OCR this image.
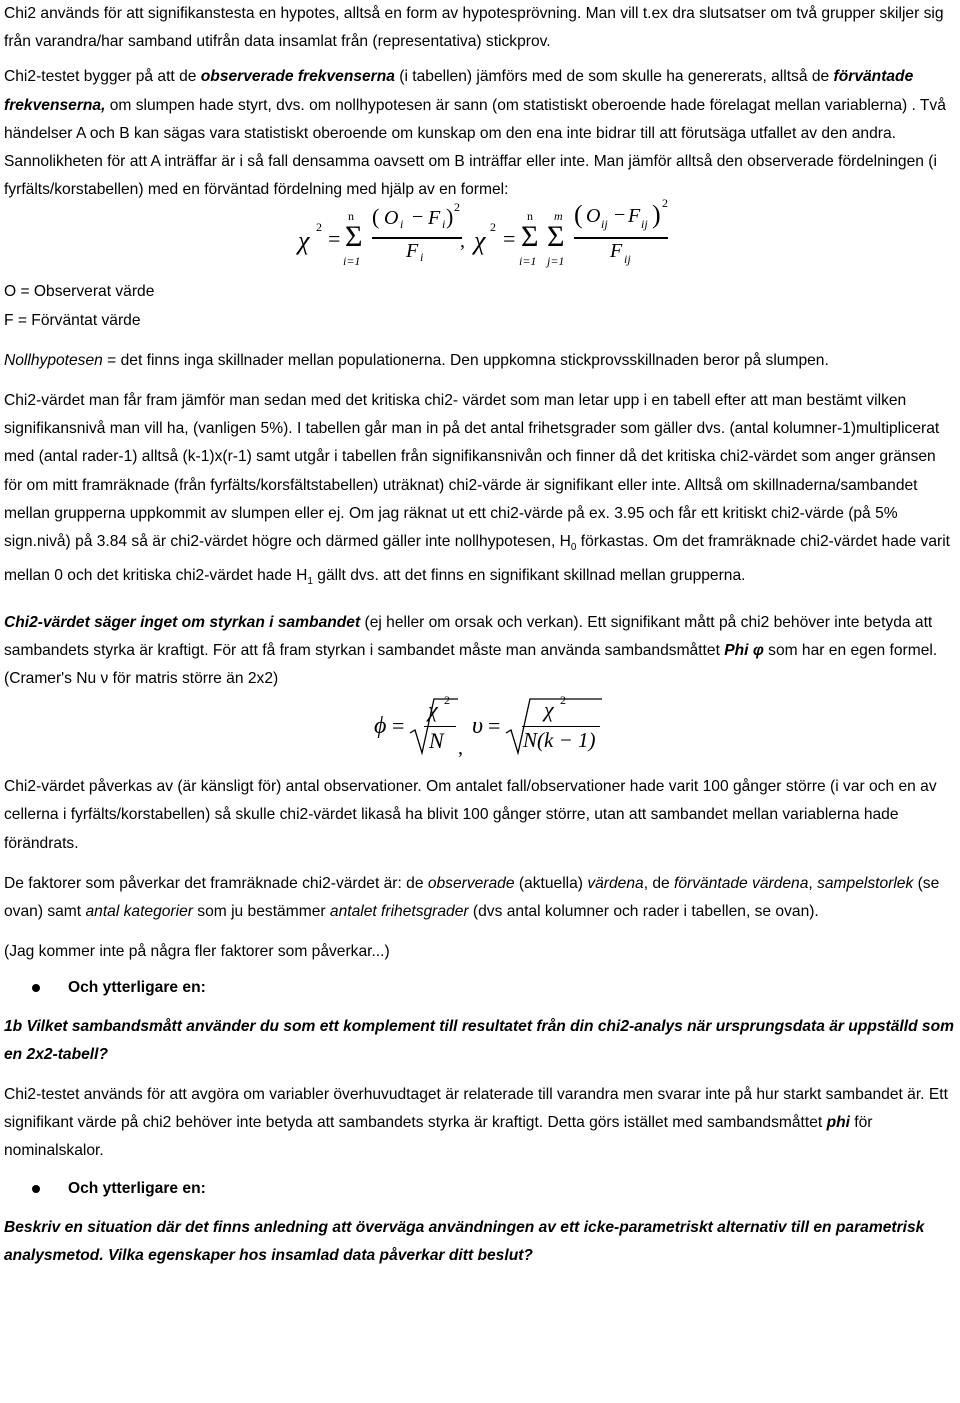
Chi2 används för att signifikanstesta en hypotes, alltså en form av hypotesprövning. Man vill t.ex dra slutsatser om två grupper skiljer sig från varandra/har samband utifrån data insamlat från (representativa) stickprov.

Chi2-testet bygger på att de observerade frekvenserna (i tabellen) jämförs med de som skulle ha genererats, alltså de förväntade frekvenserna, om slumpen hade styrt, dvs. om nollhypotesen är sann (om statistiskt oberoende hade förelagat mellan variablerna) . Två händelser A och B kan sägas vara statistiskt oberoende om kunskap om den ena inte bidrar till att förutsäga utfallet av den andra. Sannolikheten för att A inträffar är i så fall densamma oavsett om B inträffar eller inte. Man jämför alltså den observerade fördelningen (i fyrfälts/korstabellen) med en förväntad fördelning med hjälp av en formel:

χ 2 =
n
Σ
i=1
( O i − F i ) 2
F i
, χ 2 =
n
Σ
i=1
m
Σ
j=1
( O ij − F ij ) 2
F ij

O = Observerat värde

F = Förväntat värde

Nollhypotesen = det finns inga skillnader mellan populationerna. Den uppkomna stickprovsskillnaden beror på slumpen.

Chi2-värdet man får fram jämför man sedan med det kritiska chi2- värdet som man letar upp i en tabell efter att man bestämt vilken signifikansnivå man vill ha, (vanligen 5%). I tabellen går man in på det antal frihetsgrader som gäller dvs. (antal kolumner-1)multiplicerat med (antal rader-1) alltså (k-1)x(r-1) samt utgår i tabellen från signifikansnivån och finner då det kritiska chi2-värdet som anger gränsen för om mitt framräknade (från fyrfälts/korsfältstabellen) uträknat) chi2-värde är signifikant eller inte. Alltså om skillnaderna/sambandet mellan grupperna uppkommit av slumpen eller ej. Om jag räknat ut ett chi2-värde på ex. 3.95 och får ett kritiskt chi2-värde (på 5% sign.nivå) på 3.84 så är chi2-värdet högre och därmed gäller inte nollhypotesen, $H_0$ förkastas. Om det framräknade chi2-värdet hade varit mellan 0 och det kritiska chi2-värdet hade $H_1$ gällt dvs. att det finns en signifikant skillnad mellan grupperna.

Chi2-värdet säger inget om styrkan i sambandet (ej heller om orsak och verkan). Ett signifikant mått på chi2 behöver inte betyda att sambandets styrka är kraftigt. För att få fram styrkan i sambandet måste man använda sambandsmåttet Phi φ som har en egen formel. (Cramer's Nu ν för matris större än 2x2)

ϕ =
χ 2
N ,
υ =
χ 2
N(k − 1)

Chi2-värdet påverkas av (är känsligt för) antal observationer. Om antalet fall/observationer hade varit 100 gånger större (i var och en av cellerna i fyrfälts/korstabellen) så skulle chi2-värdet likaså ha blivit 100 gånger större, utan att sambandet mellan variablerna hade förändrats.

De faktorer som påverkar det framräknade chi2-värdet är: de observerade (aktuella) värdena, de förväntade värdena, sampelstorlek (se ovan) samt antal kategorier som ju bestämmer antalet frihetsgrader (dvs antal kolumner och rader i tabellen, se ovan).

(Jag kommer inte på några fler faktorer som påverkar...)

Och ytterligare en:

1b Vilket sambandsmått använder du som ett komplement till resultatet från din chi2-analys när ursprungsdata är uppställd som en 2x2-tabell?

Chi2-testet används för att avgöra om variabler överhuvudtaget är relaterade till varandra men svarar inte på hur starkt sambandet är. Ett signifikant värde på chi2 behöver inte betyda att sambandets styrka är kraftigt. Detta görs istället med sambandsmåttet phi för nominalskalor.

Och ytterligare en:

Beskriv en situation där det finns anledning att överväga användningen av ett icke-parametriskt alternativ till en parametrisk analysmetod. Vilka egenskaper hos insamlad data påverkar ditt beslut?
